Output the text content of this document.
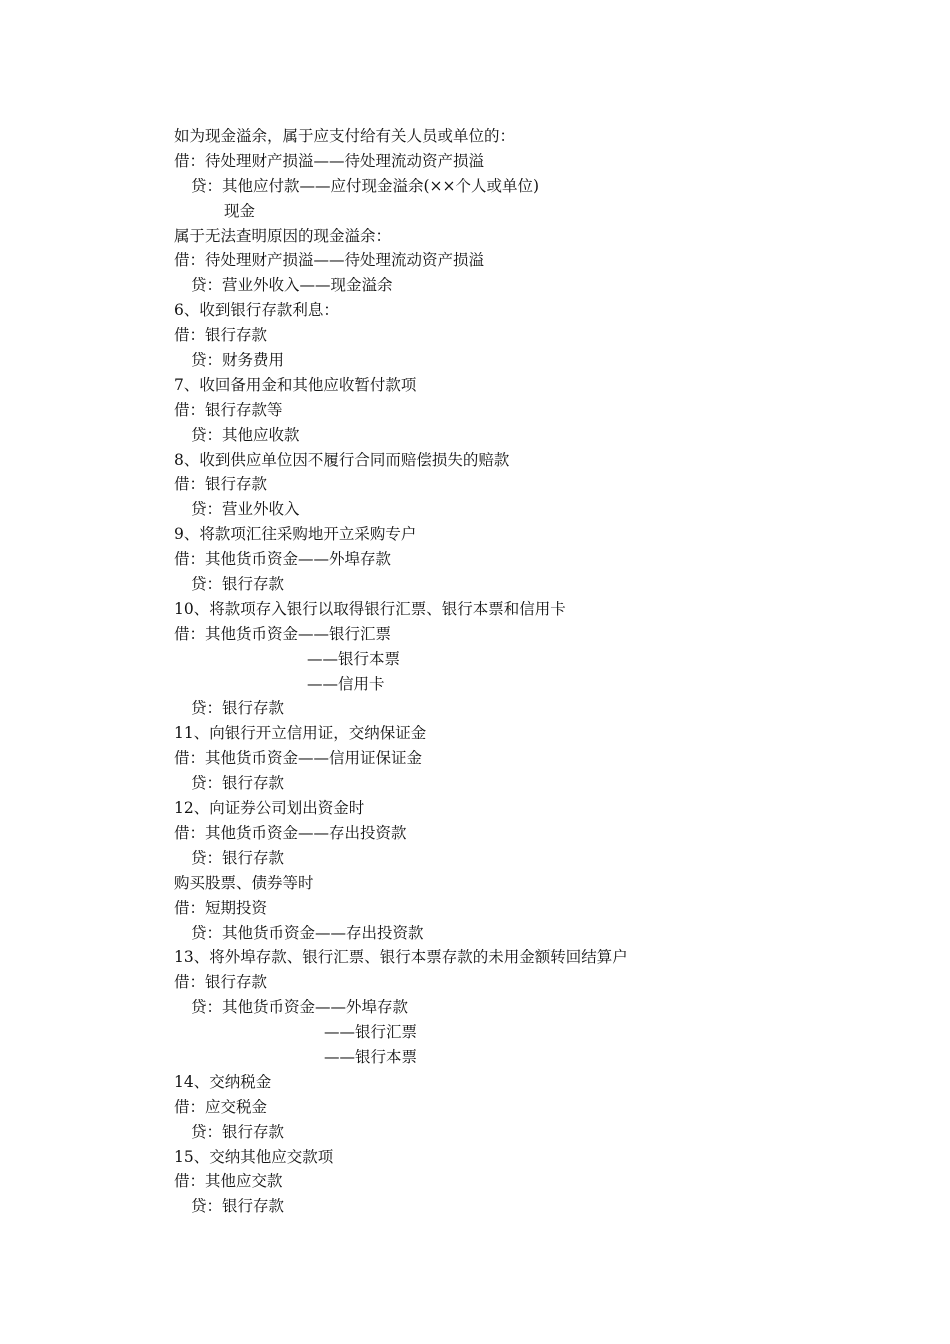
如为现金溢余，属于应支付给有关人员或单位的：
借：待处理财产损溢——待处理流动资产损溢
贷：其他应付款——应付现金溢余(××个人或单位)
现金
属于无法查明原因的现金溢余：
借：待处理财产损溢——待处理流动资产损溢
贷：营业外收入——现金溢余
6、收到银行存款利息：
借：银行存款
贷：财务费用
7、收回备用金和其他应收暂付款项
借：银行存款等
贷：其他应收款
8、收到供应单位因不履行合同而赔偿损失的赔款
借：银行存款
贷：营业外收入
9、将款项汇往采购地开立采购专户
借：其他货币资金——外埠存款
贷：银行存款
10、将款项存入银行以取得银行汇票、银行本票和信用卡
借：其他货币资金——银行汇票
——银行本票
——信用卡
贷：银行存款
11、向银行开立信用证，交纳保证金
借：其他货币资金——信用证保证金
贷：银行存款
12、向证券公司划出资金时
借：其他货币资金——存出投资款
贷：银行存款
购买股票、债券等时
借：短期投资
贷：其他货币资金——存出投资款
13、将外埠存款、银行汇票、银行本票存款的未用金额转回结算户
借：银行存款
贷：其他货币资金——外埠存款
——银行汇票
——银行本票
14、交纳税金
借：应交税金
贷：银行存款
15、交纳其他应交款项
借：其他应交款
贷：银行存款
